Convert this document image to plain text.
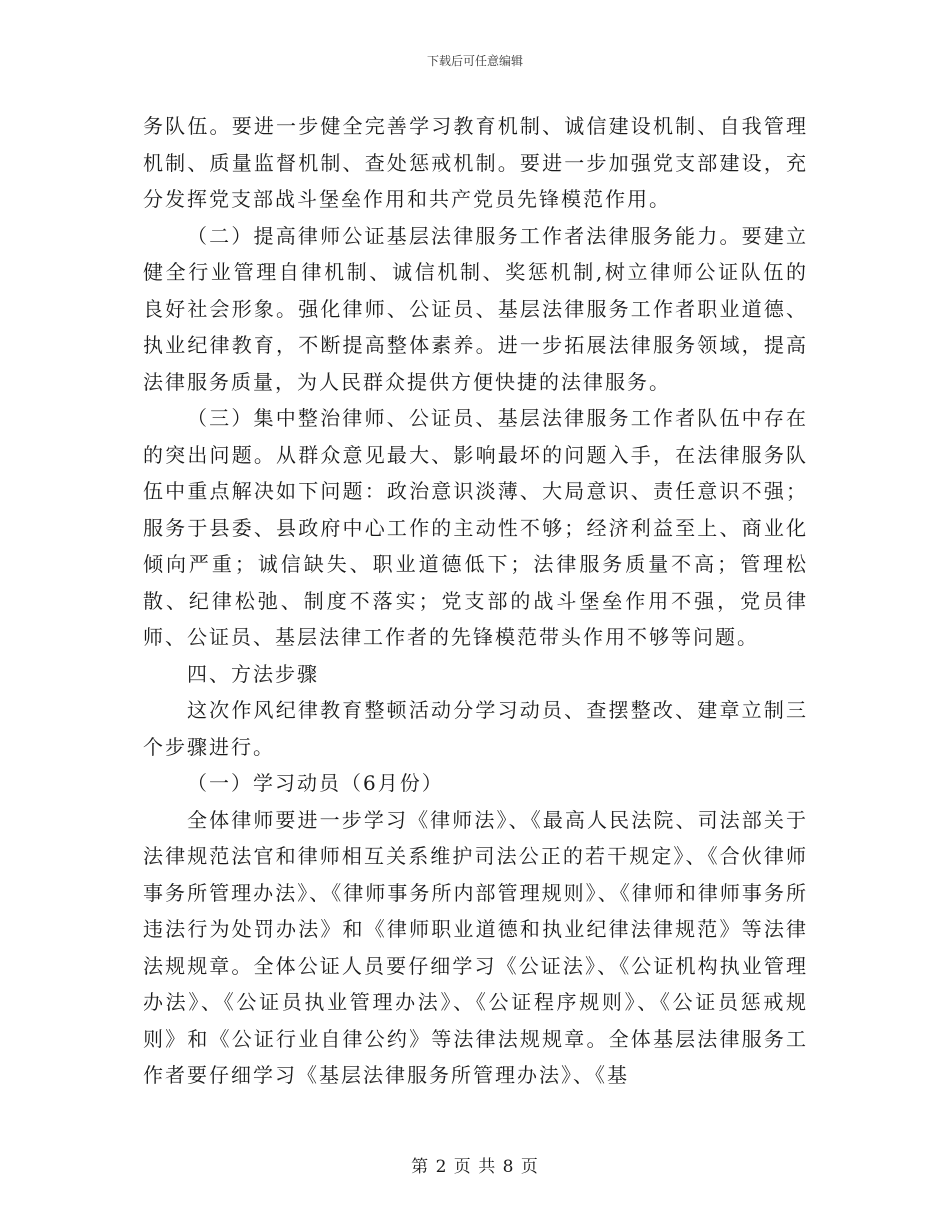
下载后可任意编辑

务队伍。要进一步健全完善学习教育机制、诚信建设机制、自我管理机制、质量监督机制、查处惩戒机制。要进一步加强党支部建设，充分发挥党支部战斗堡垒作用和共产党员先锋模范作用。

（二）提高律师公证基层法律服务工作者法律服务能力。要建立健全行业管理自律机制、诚信机制、奖惩机制,树立律师公证队伍的良好社会形象。强化律师、公证员、基层法律服务工作者职业道德、执业纪律教育，不断提高整体素养。进一步拓展法律服务领域，提高法律服务质量，为人民群众提供方便快捷的法律服务。

（三）集中整治律师、公证员、基层法律服务工作者队伍中存在的突出问题。从群众意见最大、影响最坏的问题入手，在法律服务队伍中重点解决如下问题：政治意识淡薄、大局意识、责任意识不强；服务于县委、县政府中心工作的主动性不够；经济利益至上、商业化倾向严重；诚信缺失、职业道德低下；法律服务质量不高；管理松散、纪律松弛、制度不落实；党支部的战斗堡垒作用不强，党员律师、公证员、基层法律工作者的先锋模范带头作用不够等问题。

四、方法步骤

这次作风纪律教育整顿活动分学习动员、查摆整改、建章立制三个步骤进行。

（一）学习动员（6月份）

全体律师要进一步学习《律师法》、《最高人民法院、司法部关于法律规范法官和律师相互关系维护司法公正的若干规定》、《合伙律师事务所管理办法》、《律师事务所内部管理规则》、《律师和律师事务所违法行为处罚办法》和《律师职业道德和执业纪律法律规范》等法律法规规章。全体公证人员要仔细学习《公证法》、《公证机构执业管理办法》、《公证员执业管理办法》、《公证程序规则》、《公证员惩戒规则》和《公证行业自律公约》等法律法规规章。全体基层法律服务工作者要仔细学习《基层法律服务所管理办法》、《基

第 2 页 共 8 页
